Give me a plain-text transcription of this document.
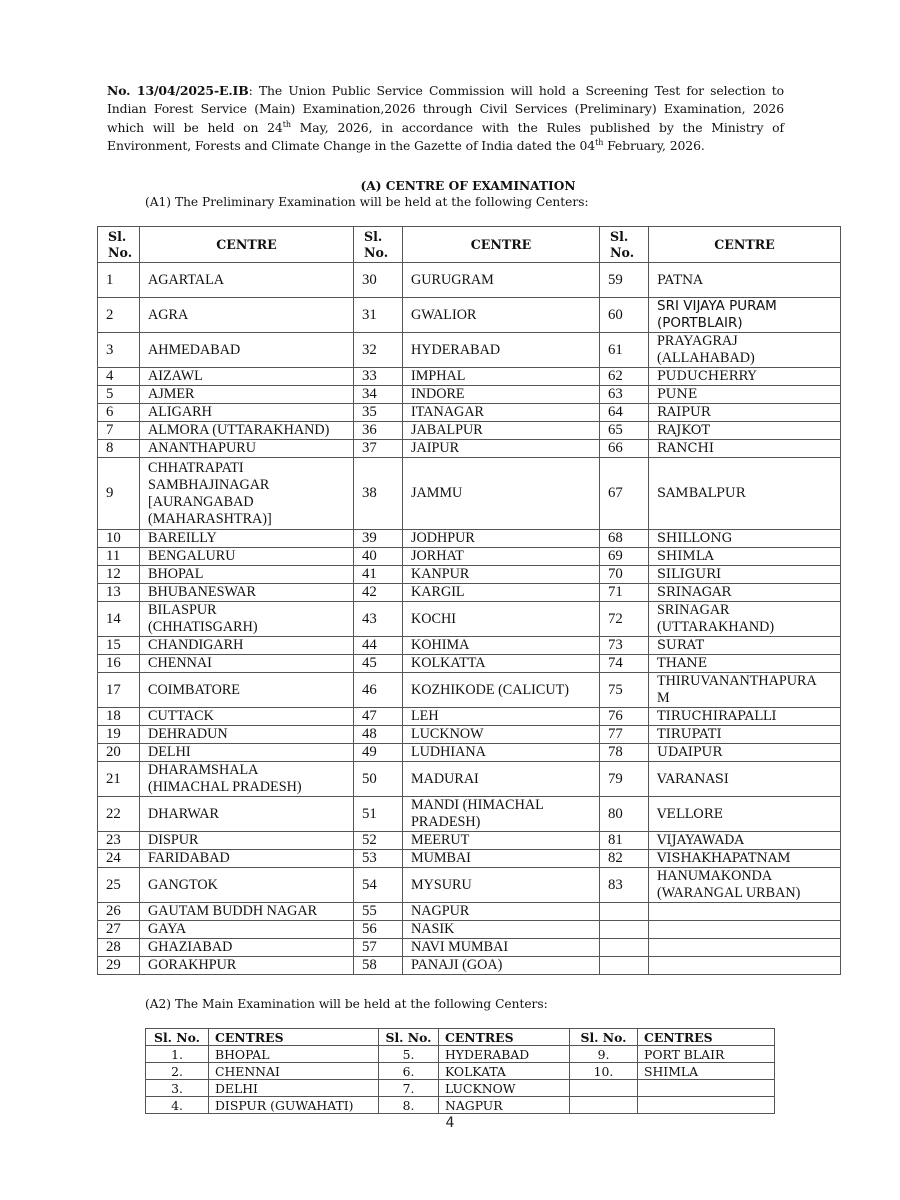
No. 13/04/2025-E.IB: The Union Public Service Commission will hold a Screening Test for selection to Indian Forest Service (Main) Examination,2026 through Civil Services (Preliminary) Examination, 2026 which will be held on 24th May, 2026, in accordance with the Rules published by the Ministry of Environment, Forests and Climate Change in the Gazette of India dated the 04th February, 2026.

(A) CENTRE OF EXAMINATION
(A1) The Preliminary Examination will be held at the following Centers:
Sl.
No.	CENTRE	Sl.
No.	CENTRE	Sl.
No.	CENTRE
1	AGARTALA	30	GURUGRAM	59	PATNA
2	AGRA	31	GWALIOR	60	SRI VIJAYA PURAM
(PORTBLAIR)
3	AHMEDABAD	32	HYDERABAD	61	PRAYAGRAJ
(ALLAHABAD)
4	AIZAWL	33	IMPHAL	62	PUDUCHERRY
5	AJMER	34	INDORE	63	PUNE
6	ALIGARH	35	ITANAGAR	64	RAIPUR
7	ALMORA (UTTARAKHAND)	36	JABALPUR	65	RAJKOT
8	ANANTHAPURU	37	JAIPUR	66	RANCHI
9	CHHATRAPATI
SAMBHAJINAGAR
[AURANGABAD
(MAHARASHTRA)]	38	JAMMU	67	SAMBALPUR
10	BAREILLY	39	JODHPUR	68	SHILLONG
11	BENGALURU	40	JORHAT	69	SHIMLA
12	BHOPAL	41	KANPUR	70	SILIGURI
13	BHUBANESWAR	42	KARGIL	71	SRINAGAR
14	BILASPUR
(CHHATISGARH)	43	KOCHI	72	SRINAGAR
(UTTARAKHAND)
15	CHANDIGARH	44	KOHIMA	73	SURAT
16	CHENNAI	45	KOLKATTA	74	THANE
17	COIMBATORE	46	KOZHIKODE (CALICUT)	75	THIRUVANANTHAPURA
M
18	CUTTACK	47	LEH	76	TIRUCHIRAPALLI
19	DEHRADUN	48	LUCKNOW	77	TIRUPATI
20	DELHI	49	LUDHIANA	78	UDAIPUR
21	DHARAMSHALA
(HIMACHAL PRADESH)	50	MADURAI	79	VARANASI
22	DHARWAR	51	MANDI (HIMACHAL
PRADESH)	80	VELLORE
23	DISPUR	52	MEERUT	81	VIJAYAWADA
24	FARIDABAD	53	MUMBAI	82	VISHAKHAPATNAM
25	GANGTOK	54	MYSURU	83	HANUMAKONDA
(WARANGAL URBAN)
26	GAUTAM BUDDH NAGAR	55	NAGPUR		
27	GAYA	56	NASIK		
28	GHAZIABAD	57	NAVI MUMBAI		
29	GORAKHPUR	58	PANAJI (GOA)		
(A2) The Main Examination will be held at the following Centers:
Sl. No.	CENTRES	Sl. No.	CENTRES	Sl. No.	CENTRES
1.	BHOPAL	5.	HYDERABAD	9.	PORT BLAIR
2.	CHENNAI	6.	KOLKATA	10.	SHIMLA
3.	DELHI	7.	LUCKNOW		
4.	DISPUR (GUWAHATI)	8.	NAGPUR		
4
